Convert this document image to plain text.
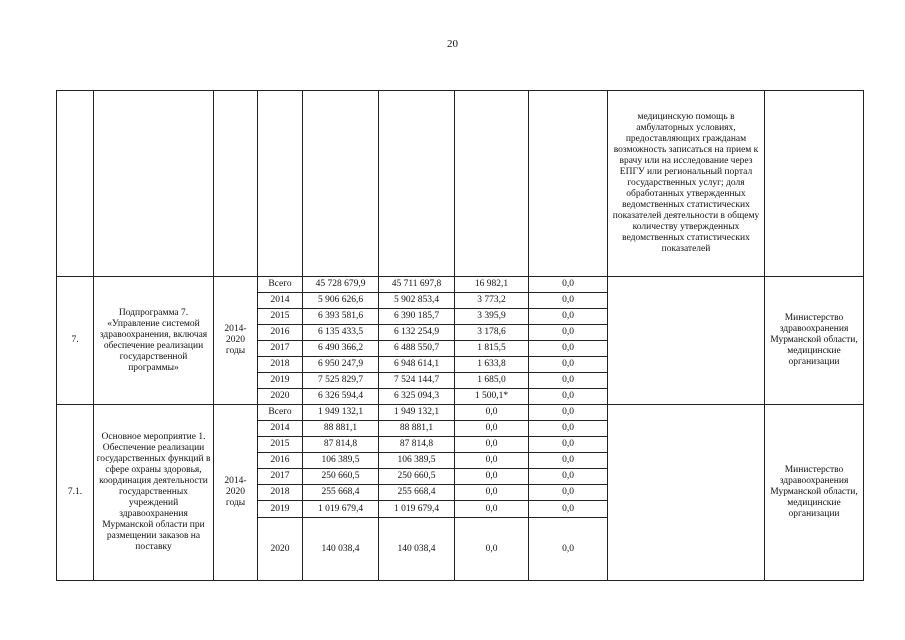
20
								медицинскую помощь в амбулаторных условиях, предоставляющих гражданам возможность записаться на прием к врачу или на исследование через ЕПГУ или региональный портал государственных услуг; доля обработанных утвержденных ведомственных статистических показателей деятельности в общему количеству утвержденных ведомственных статистических показателей	
7.	Подпрограмма 7. «Управление системой здравоохранения, включая обеспечение реализации государственной программы»	2014-2020 годы	Всего	45 728 679,9	45 711 697,8	16 982,1	0,0		Министерство здравоохранения Мурманской области, медицинские организации
			2014	5 906 626,6	5 902 853,4	3 773,2	0,0		
			2015	6 393 581,6	6 390 185,7	3 395,9	0,0		
			2016	6 135 433,5	6 132 254,9	3 178,6	0,0		
			2017	6 490 366,2	6 488 550,7	1 815,5	0,0		
			2018	6 950 247,9	6 948 614,1	1 633,8	0,0		
			2019	7 525 829,7	7 524 144,7	1 685,0	0,0		
			2020	6 326 594,4	6 325 094,3	1 500,1*	0,0		
7.1.	Основное мероприятие 1. Обеспечение реализации государственных функций в сфере охраны здоровья, координация деятельности государственных учреждений здравоохранения Мурманской области при размещении заказов на поставку	2014-2020 годы	Всего	1 949 132,1	1 949 132,1	0,0	0,0		Министерство здравоохранения Мурманской области, медицинские организации
			2014	88 881,1	88 881,1	0,0	0,0		
			2015	87 814,8	87 814,8	0,0	0,0		
			2016	106 389,5	106 389,5	0,0	0,0		
			2017	250 660,5	250 660,5	0,0	0,0		
			2018	255 668,4	255 668,4	0,0	0,0		
			2019	1 019 679,4	1 019 679,4	0,0	0,0		
			2020	140 038,4	140 038,4	0,0	0,0		
